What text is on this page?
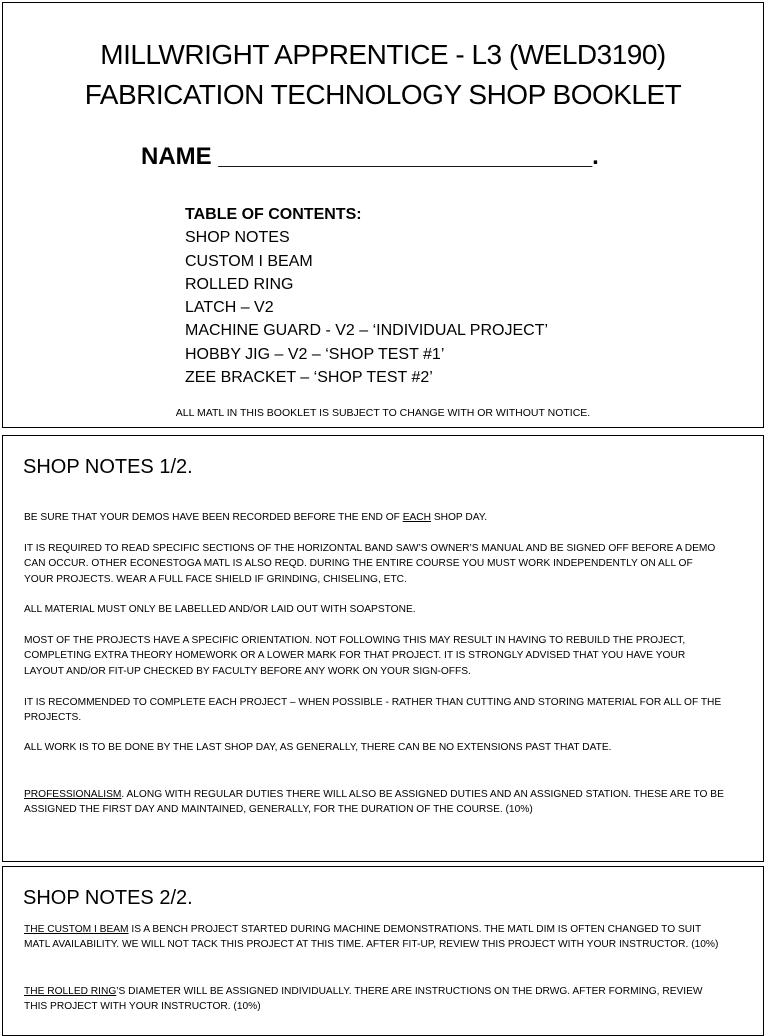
MILLWRIGHT APPRENTICE - L3 (WELD3190)
FABRICATION TECHNOLOGY SHOP BOOKLET
NAME ____________________________.
TABLE OF CONTENTS:
SHOP NOTES
CUSTOM I BEAM
ROLLED RING
LATCH – V2
MACHINE GUARD - V2 – ‘INDIVIDUAL PROJECT’
HOBBY JIG – V2 – ‘SHOP TEST #1’
ZEE BRACKET – ‘SHOP TEST #2’
ALL MATL IN THIS BOOKLET IS SUBJECT TO CHANGE WITH OR WITHOUT NOTICE.
SHOP NOTES 1/2.
BE SURE THAT YOUR DEMOS HAVE BEEN RECORDED BEFORE THE END OF EACH SHOP DAY.
IT IS REQUIRED TO READ SPECIFIC SECTIONS OF THE HORIZONTAL BAND SAW’S OWNER’S MANUAL AND BE SIGNED OFF BEFORE A DEMO CAN OCCUR. OTHER ECONESTOGA MATL IS ALSO REQD. DURING THE ENTIRE COURSE YOU MUST WORK INDEPENDENTLY ON ALL OF YOUR PROJECTS. WEAR A FULL FACE SHIELD IF GRINDING, CHISELING, ETC.
ALL MATERIAL MUST ONLY BE LABELLED AND/OR LAID OUT WITH SOAPSTONE.
MOST OF THE PROJECTS HAVE A SPECIFIC ORIENTATION. NOT FOLLOWING THIS MAY RESULT IN HAVING TO REBUILD THE PROJECT, COMPLETING EXTRA THEORY HOMEWORK OR A LOWER MARK FOR THAT PROJECT. IT IS STRONGLY ADVISED THAT YOU HAVE YOUR LAYOUT AND/OR FIT-UP CHECKED BY FACULTY BEFORE ANY WORK ON YOUR SIGN-OFFS.
IT IS RECOMMENDED TO COMPLETE EACH PROJECT – WHEN POSSIBLE - RATHER THAN CUTTING AND STORING MATERIAL FOR ALL OF THE PROJECTS.
ALL WORK IS TO BE DONE BY THE LAST SHOP DAY, AS GENERALLY, THERE CAN BE NO EXTENSIONS PAST THAT DATE.
PROFESSIONALISM. ALONG WITH REGULAR DUTIES THERE WILL ALSO BE ASSIGNED DUTIES AND AN ASSIGNED STATION. THESE ARE TO BE ASSIGNED THE FIRST DAY AND MAINTAINED, GENERALLY, FOR THE DURATION OF THE COURSE. (10%)
SHOP NOTES 2/2.
THE CUSTOM I BEAM IS A BENCH PROJECT STARTED DURING MACHINE DEMONSTRATIONS. THE MATL DIM IS OFTEN CHANGED TO SUIT MATL AVAILABILITY. WE WILL NOT TACK THIS PROJECT AT THIS TIME. AFTER FIT-UP, REVIEW THIS PROJECT WITH YOUR INSTRUCTOR. (10%)
THE ROLLED RING’S DIAMETER WILL BE ASSIGNED INDIVIDUALLY. THERE ARE INSTRUCTIONS ON THE DRWG. AFTER FORMING, REVIEW THIS PROJECT WITH YOUR INSTRUCTOR. (10%)
